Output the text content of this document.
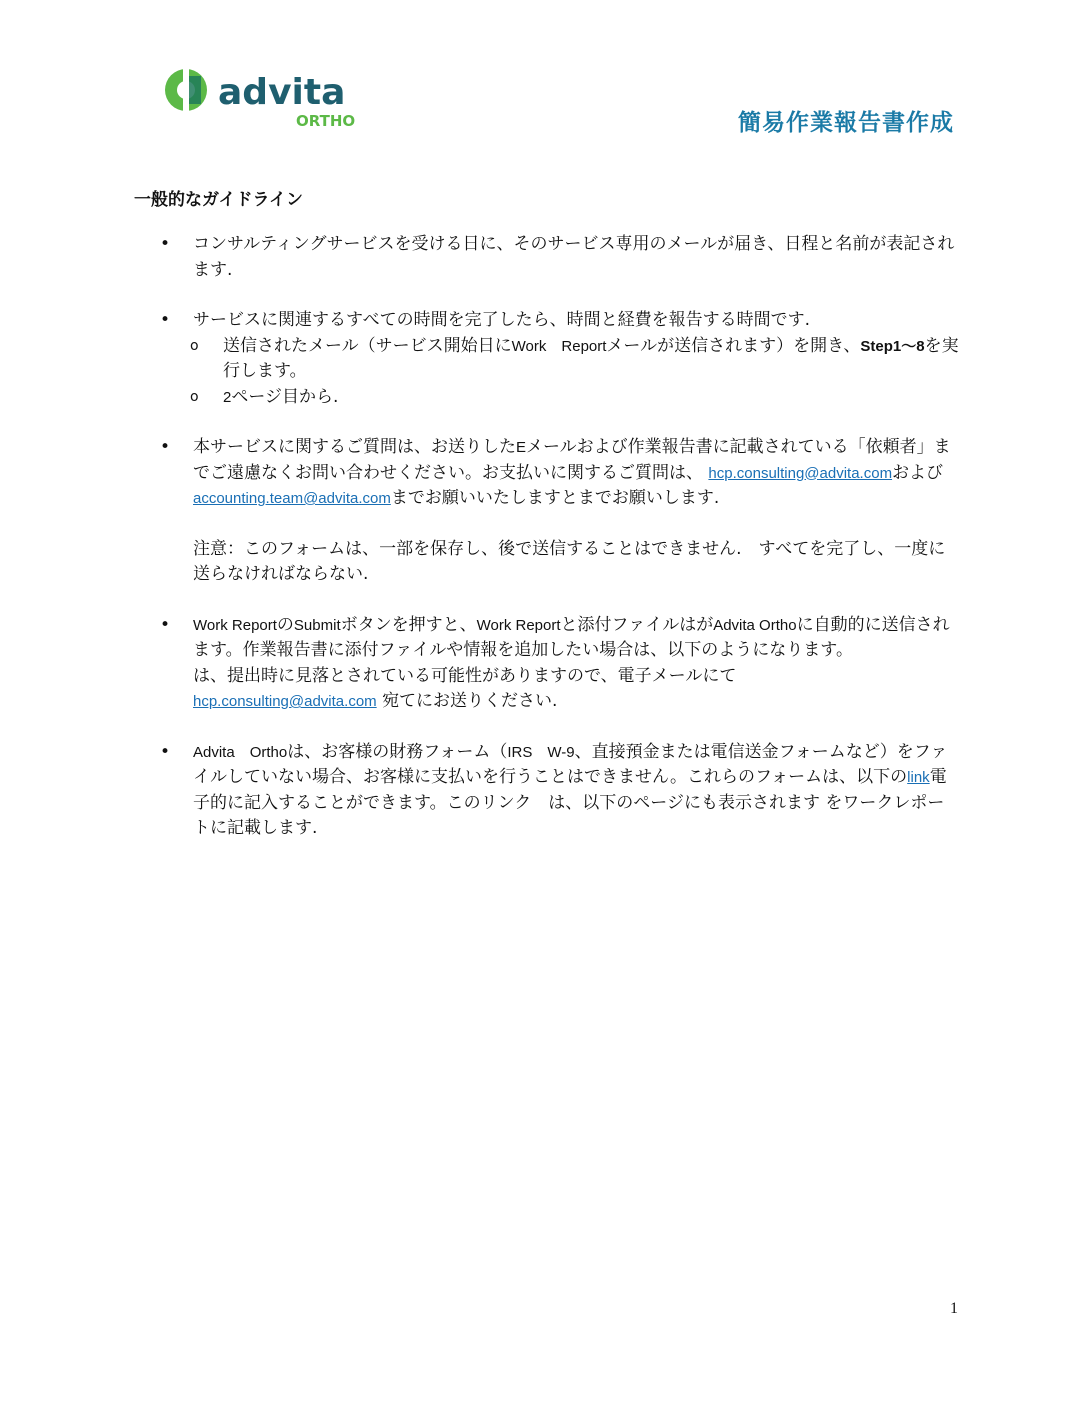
advita
ORTHO	簡易作業報告書作成
一般的なガイドライン
• コンサルティングサービスを受ける日に、そのサービス専用のメールが届き、日程と名前が表記されます.
• サービスに関連するすべての時間を完了したら、時間と経費を報告する時間です.
o 送信されたメール（サービス開始日にWork　Reportメールが送信されます）を開き、Step1〜8を実行します。
o 2ページ目から.
• 本サービスに関するご質問は、お送りしたEメールおよび作業報告書に記載されている「依頼者」までご遠慮なくお問い合わせください。お支払いに関するご質問は、 hcp.consulting@advita.comおよびaccounting.team@advita.comまでお願いいたしますとまでお願いします.
注意：このフォームは、一部を保存し、後で送信することはできません.　すべてを完了し、一度に送らなければならない.
• Work ReportのSubmitボタンを押すと、Work Reportと添付ファイルはがAdvita Orthoに自動的に送信されます。作業報告書に添付ファイルや情報を追加したい場合は、以下のようになります。
は、提出時に見落とされている可能性がありますので、電子メールにて
hcp.consulting@advita.com 宛てにお送りください.
• Advita　Orthoは、お客様の財務フォーム（IRS　W-9、直接預金または電信送金フォームなど）をファイルしていない場合、お客様に支払いを行うことはできません。これらのフォームは、以下のlink電子的に記入することができます。このリンク　は、以下のページにも表示されます をワークレポートに記載します.
1
